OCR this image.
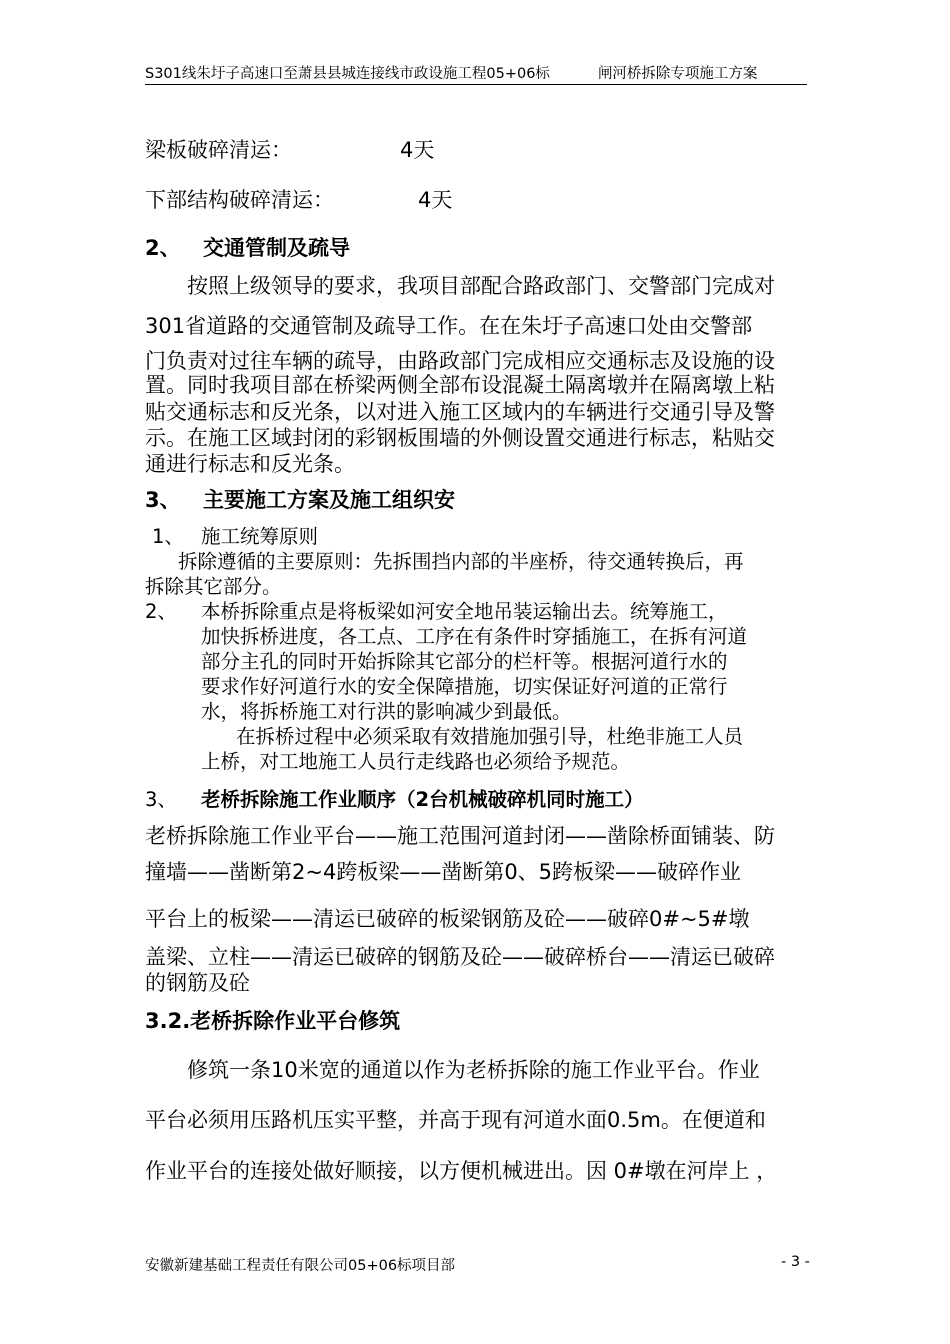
S301线朱圩子高速口至萧县县城连接线市政设施工程05+06标	闸河桥拆除专项施工方案
梁板破碎清运：	4天
下部结构破碎清运：	4天
2、 交通管制及疏导
按照上级领导的要求，我项目部配合路政部门、交警部门完成对
301省道路的交通管制及疏导工作。在在朱圩子高速口处由交警部
门负责对过往车辆的疏导，由路政部门完成相应交通标志及设施的设
置。同时我项目部在桥梁两侧全部布设混凝土隔离墩并在隔离墩上粘
贴交通标志和反光条，以对进入施工区域内的车辆进行交通引导及警
示。在施工区域封闭的彩钢板围墙的外侧设置交通进行标志，粘贴交
通进行标志和反光条。
3、 主要施工方案及施工组织安
1、 施工统筹原则
拆除遵循的主要原则：先拆围挡内部的半座桥，待交通转换后，再
拆除其它部分。
2、 本桥拆除重点是将板梁如河安全地吊装运输出去。统筹施工，
加快拆桥进度，各工点、工序在有条件时穿插施工，在拆有河道
部分主孔的同时开始拆除其它部分的栏杆等。根据河道行水的
要求作好河道行水的安全保障措施，切实保证好河道的正常行
水，将拆桥施工对行洪的影响减少到最低。
在拆桥过程中必须采取有效措施加强引导，杜绝非施工人员
上桥，对工地施工人员行走线路也必须给予规范。
3、 老桥拆除施工作业顺序（2台机械破碎机同时施工）
老桥拆除施工作业平台——施工范围河道封闭——凿除桥面铺装、防
撞墙——凿断第2~4跨板梁——凿断第0、5跨板梁——破碎作业
平台上的板梁——清运已破碎的板梁钢筋及砼——破碎0#~5#墩
盖梁、立柱——清运已破碎的钢筋及砼——破碎桥台——清运已破碎
的钢筋及砼
3.2.老桥拆除作业平台修筑
修筑一条10米宽的通道以作为老桥拆除的施工作业平台。作业
平台必须用压路机压实平整，并高于现有河道水面0.5m。在便道和
作业平台的连接处做好顺接，以方便机械进出。因 0#墩在河岸上 ，
安徽新建基础工程责任有限公司05+06标项目部	- 3 -
